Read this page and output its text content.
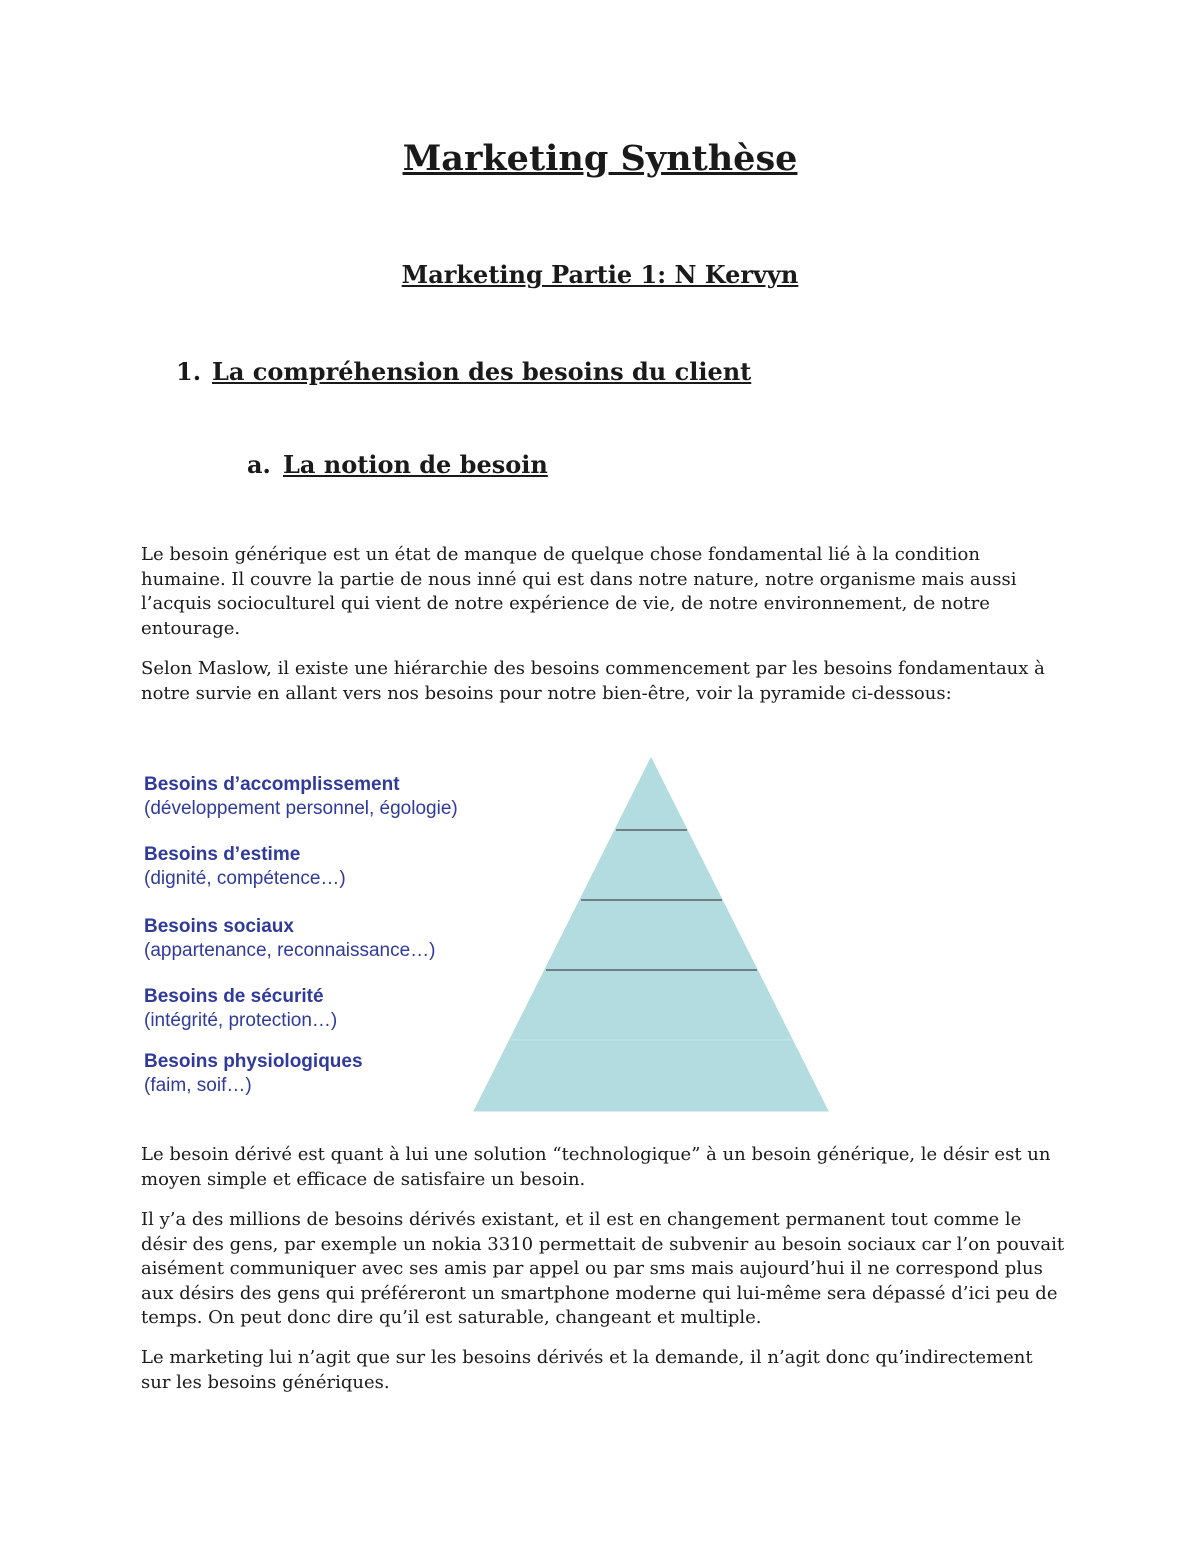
Marketing Synthèse
Marketing Partie 1: N Kervyn
1. La compréhension des besoins du client
a. La notion de besoin

Le besoin générique est un état de manque de quelque chose fondamental lié à la condition humaine. Il couvre la partie de nous inné qui est dans notre nature, notre organisme mais aussi l’acquis socioculturel qui vient de notre expérience de vie, de notre environnement, de notre entourage.

Selon Maslow, il existe une hiérarchie des besoins commencement par les besoins fondamentaux à notre survie en allant vers nos besoins pour notre bien-être, voir la pyramide ci-dessous:

Besoins d’accomplissement
(développement personnel, égologie)
Besoins d’estime
(dignité, compétence…)
Besoins sociaux
(appartenance, reconnaissance…)
Besoins de sécurité
(intégrité, protection…)
Besoins physiologiques
(faim, soif…)

Le besoin dérivé est quant à lui une solution “technologique” à un besoin générique, le désir est un moyen simple et efficace de satisfaire un besoin.

Il y’a des millions de besoins dérivés existant, et il est en changement permanent tout comme le désir des gens, par exemple un nokia 3310 permettait de subvenir au besoin sociaux car l’on pouvait aisément communiquer avec ses amis par appel ou par sms mais aujourd’hui il ne correspond plus aux désirs des gens qui préféreront un smartphone moderne qui lui-même sera dépassé d’ici peu de temps. On peut donc dire qu’il est saturable, changeant et multiple.

Le marketing lui n’agit que sur les besoins dérivés et la demande, il n’agit donc qu’indirectement sur les besoins génériques.
